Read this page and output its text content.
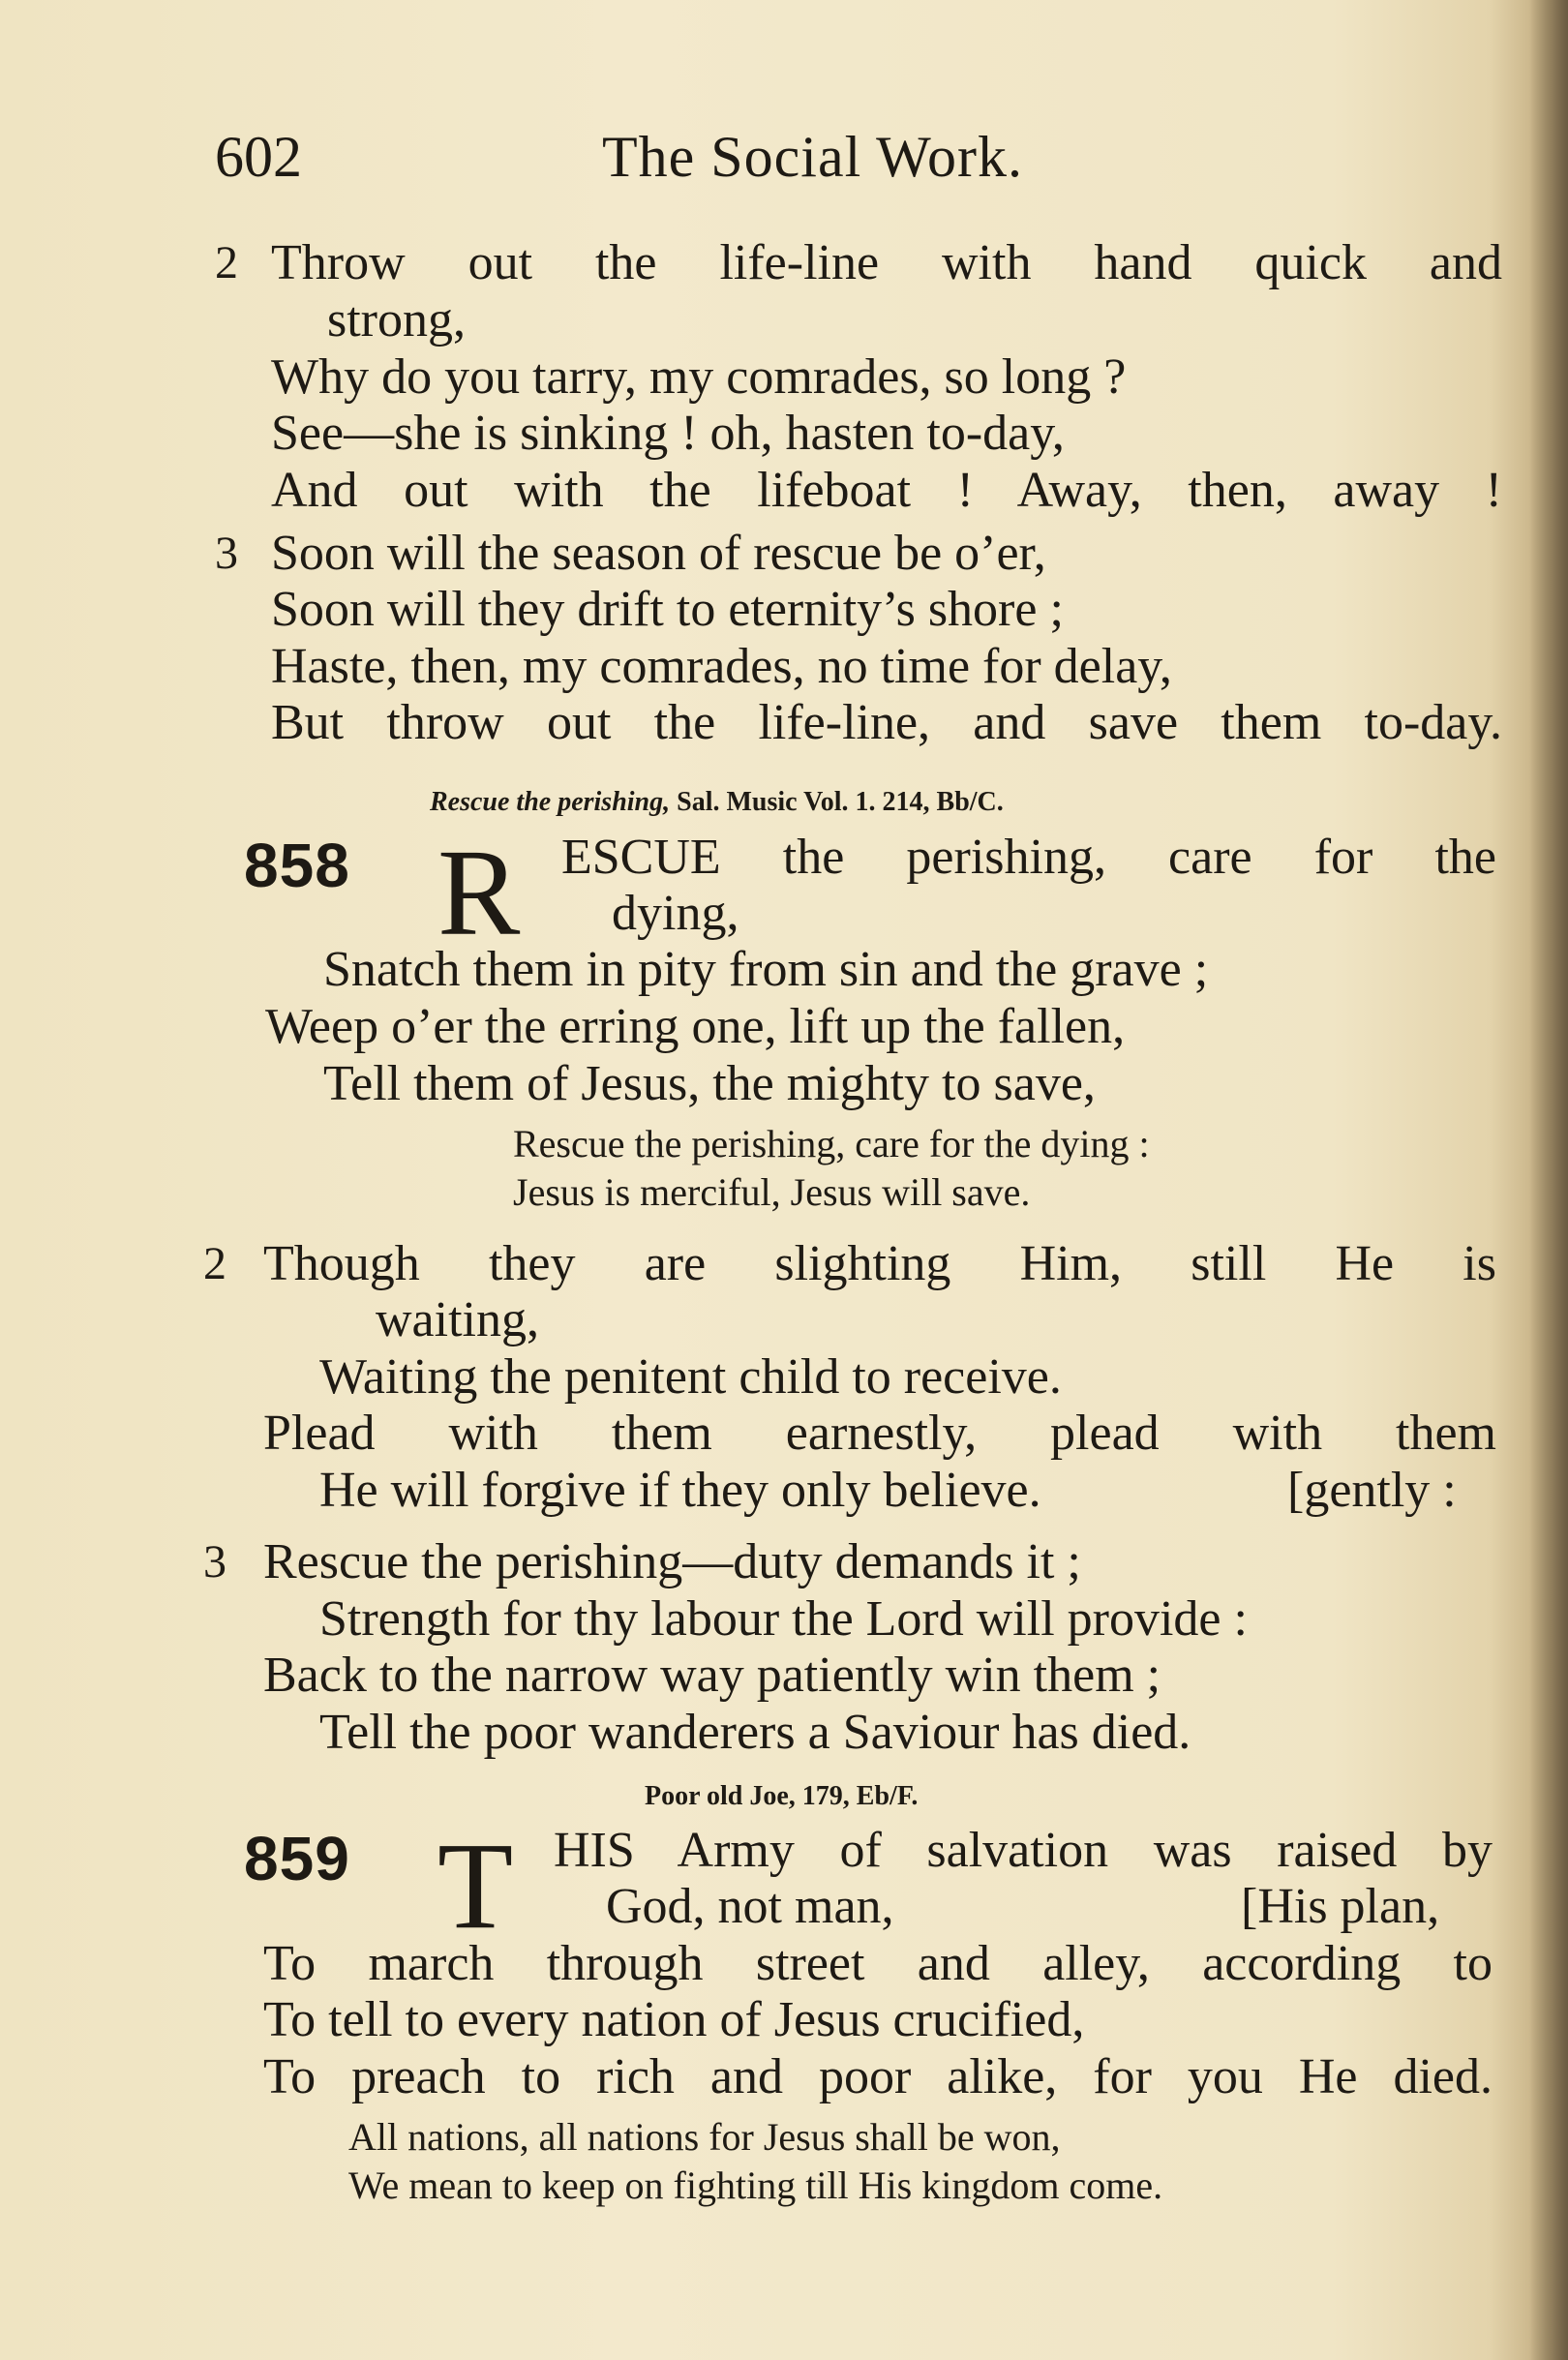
602	The Social Work.
2 Throw out the life-line with hand quick and
strong,
Why do you tarry, my comrades, so long ?
See—she is sinking ! oh, hasten to-day,
And out with the lifeboat ! Away, then, away !
3 Soon will the season of rescue be o’er,
Soon will they drift to eternity’s shore ;
Haste, then, my comrades, no time for delay,
But throw out the life-line, and save them to-day.
Rescue the perishing, Sal. Music Vol. 1. 214, Bb/C.
858 R ESCUE the perishing, care for the
dying,
Snatch them in pity from sin and the grave ;
Weep o’er the erring one, lift up the fallen,
Tell them of Jesus, the mighty to save,
Rescue the perishing, care for the dying :
Jesus is merciful, Jesus will save.
2 Though they are slighting Him, still He is
waiting,
Waiting the penitent child to receive.
Plead with them earnestly, plead with them
He will forgive if they only believe.	[gently :
3 Rescue the perishing—duty demands it ;
Strength for thy labour the Lord will provide :
Back to the narrow way patiently win them ;
Tell the poor wanderers a Saviour has died.
Poor old Joe, 179, Eb/F.
859 T HIS Army of salvation was raised by
God, not man,	[His plan,
To march through street and alley, according to
To tell to every nation of Jesus crucified,
To preach to rich and poor alike, for you He died.
All nations, all nations for Jesus shall be won,
We mean to keep on fighting till His kingdom come.
